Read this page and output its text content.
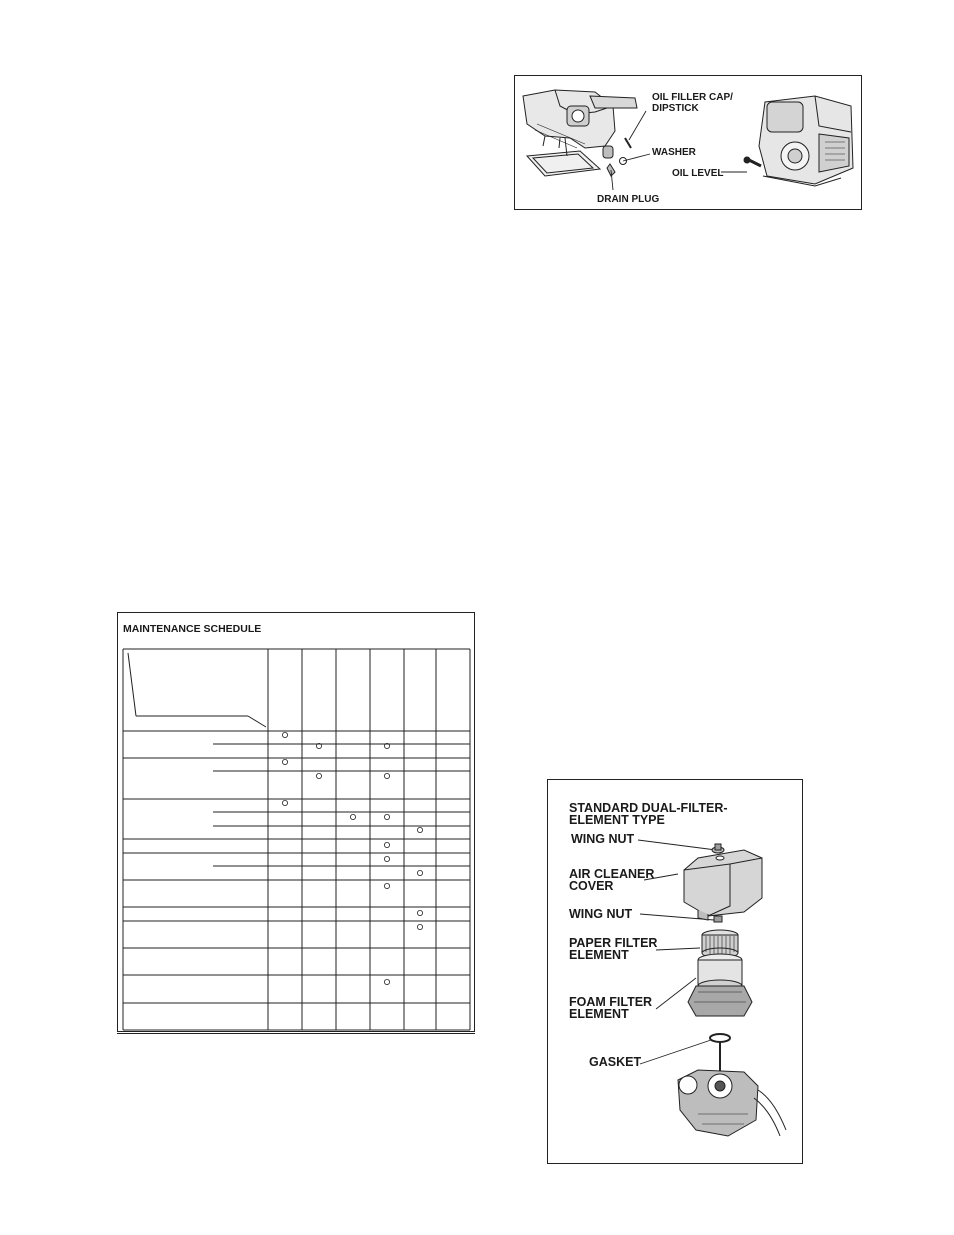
OIL FILLER CAP/
DIPSTICK
WASHER
OIL LEVEL
DRAIN PLUG
MAINTENANCE SCHEDULE
STANDARD DUAL-FILTER-
ELEMENT TYPE
WING NUT
AIR CLEANER
COVER
WING NUT
PAPER FILTER
ELEMENT
FOAM FILTER
ELEMENT
GASKET
